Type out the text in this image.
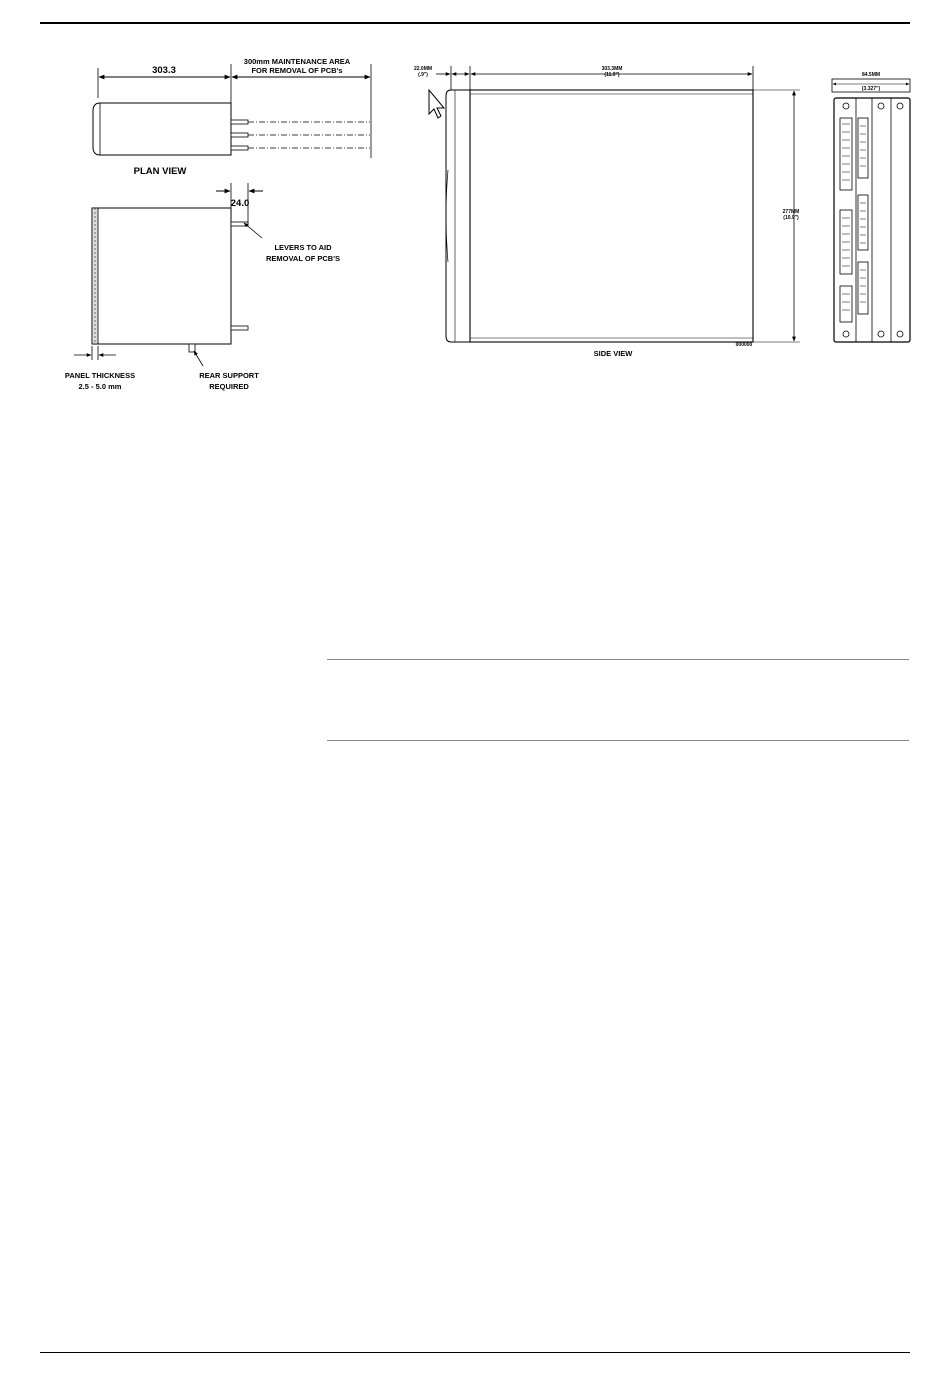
303.3
300mm MAINTENANCE AREA
FOR REMOVAL OF PCB's
PLAN VIEW
24.0
LEVERS TO AID
REMOVAL OF PCB'S
PANEL THICKNESS
2.5 - 5.0 mm
REAR SUPPORT
REQUIRED
22.0MM
(.9")
303.3MM
(11.9")
277MM
(10.9")
SIDE VIEW
000000
84.5MM
(3.327")
